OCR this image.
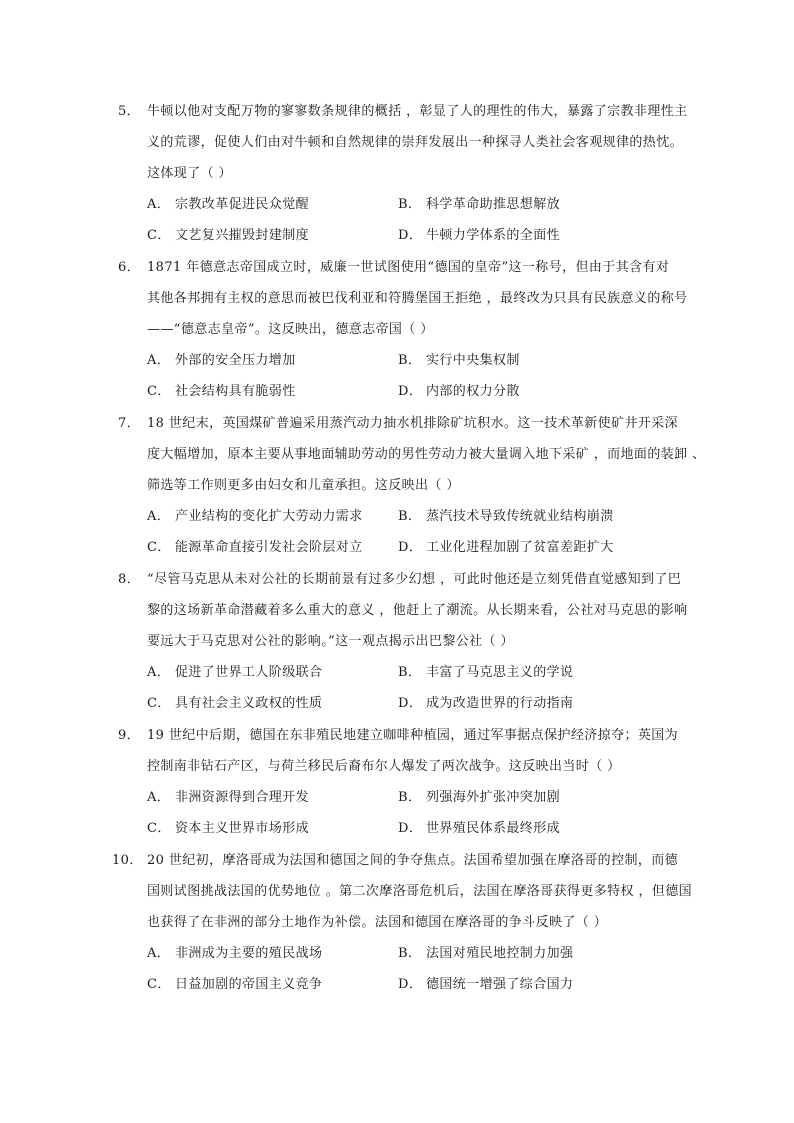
5． 牛顿以他对支配万物的寥寥数条规律的概括 ，彰显了人的理性的伟大，暴露了宗教非理性主
义的荒谬，促使人们由对牛顿和自然规律的崇拜发展出一种探寻人类社会客观规律的热忱。
这体现了（ ）
A． 宗教改革促进民众觉醒	B． 科学革命助推思想解放
C． 文艺复兴摧毁封建制度	D． 牛顿力学体系的全面性
6． 1871 年德意志帝国成立时，威廉一世试图使用“德国的皇帝”这一称号，但由于其含有对
其他各邦拥有主权的意思而被巴伐利亚和符腾堡国王拒绝 ，最终改为只具有民族意义的称号
——“德意志皇帝”。这反映出，德意志帝国（ ）
A． 外部的安全压力增加	B． 实行中央集权制
C． 社会结构具有脆弱性	D． 内部的权力分散
7． 18 世纪末，英国煤矿普遍采用蒸汽动力抽水机排除矿坑积水。这一技术革新使矿井开采深
度大幅增加，原本主要从事地面辅助劳动的男性劳动力被大量调入地下采矿 ，而地面的装卸 、
筛选等工作则更多由妇女和儿童承担。这反映出（ ）
A． 产业结构的变化扩大劳动力需求	B． 蒸汽技术导致传统就业结构崩溃
C． 能源革命直接引发社会阶层对立	D． 工业化进程加剧了贫富差距扩大
8． “尽管马克思从未对公社的长期前景有过多少幻想 ，可此时他还是立刻凭借直觉感知到了巴
黎的这场新革命潜藏着多么重大的意义 ，他赶上了潮流。从长期来看，公社对马克思的影响
要远大于马克思对公社的影响。”这一观点揭示出巴黎公社（ ）
A． 促进了世界工人阶级联合	B． 丰富了马克思主义的学说
C． 具有社会主义政权的性质	D． 成为改造世界的行动指南
9． 19 世纪中后期，德国在东非殖民地建立咖啡种植园，通过军事据点保护经济掠夺；英国为
控制南非钻石产区，与荷兰移民后裔布尔人爆发了两次战争。这反映出当时（ ）
A． 非洲资源得到合理开发	B． 列强海外扩张冲突加剧
C． 资本主义世界市场形成	D． 世界殖民体系最终形成
10． 20 世纪初，摩洛哥成为法国和德国之间的争夺焦点。法国希望加强在摩洛哥的控制，而德
国则试图挑战法国的优势地位 。第二次摩洛哥危机后，法国在摩洛哥获得更多特权 ，但德国
也获得了在非洲的部分土地作为补偿。法国和德国在摩洛哥的争斗反映了（ ）
A． 非洲成为主要的殖民战场	B． 法国对殖民地控制力加强
C． 日益加剧的帝国主义竞争	D． 德国统一增强了综合国力
